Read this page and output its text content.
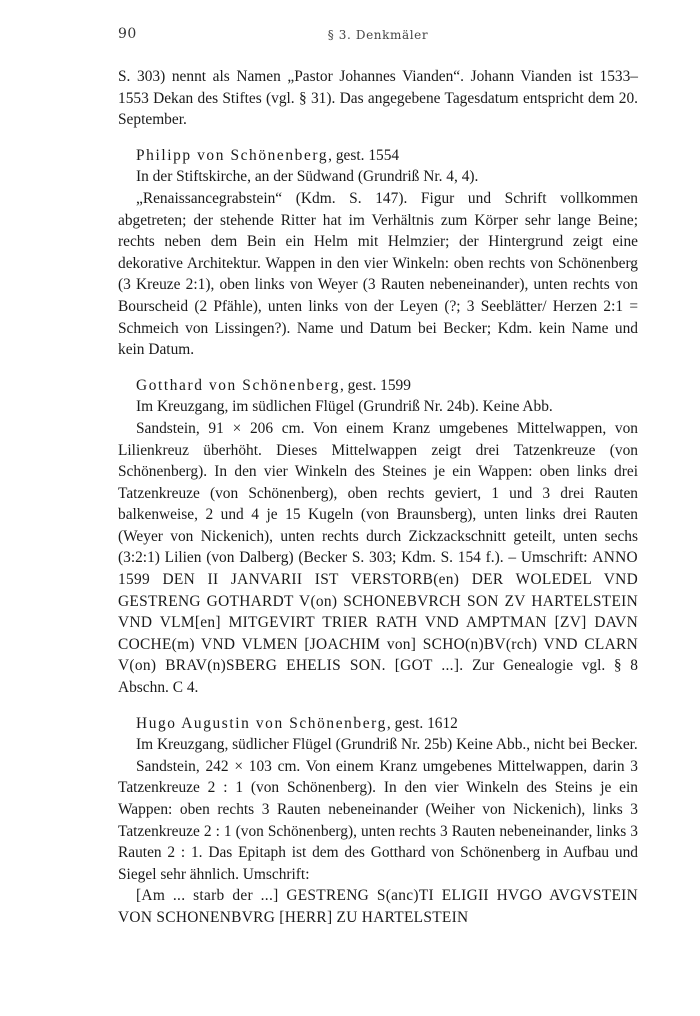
90	§ 3. Denkmäler

S. 303) nennt als Namen „Pastor Johannes Vianden“. Johann Vianden ist 1533–1553 Dekan des Stiftes (vgl. § 31). Das angegebene Tagesdatum entspricht dem 20. September.

Philipp von Schönenberg, gest. 1554

In der Stiftskirche, an der Südwand (Grundriß Nr. 4, 4).

„Renaissancegrabstein“ (Kdm. S. 147). Figur und Schrift vollkommen abgetreten; der stehende Ritter hat im Verhältnis zum Körper sehr lange Beine; rechts neben dem Bein ein Helm mit Helmzier; der Hintergrund zeigt eine dekorative Architektur. Wappen in den vier Winkeln: oben rechts von Schönenberg (3 Kreuze 2:1), oben links von Weyer (3 Rauten nebeneinander), unten rechts von Bourscheid (2 Pfähle), unten links von der Leyen (?; 3 Seeblätter/ Herzen 2:1 = Schmeich von Lissingen?). Name und Datum bei Becker; Kdm. kein Name und kein Datum.

Gotthard von Schönenberg, gest. 1599

Im Kreuzgang, im südlichen Flügel (Grundriß Nr. 24b). Keine Abb.

Sandstein, 91 × 206 cm. Von einem Kranz umgebenes Mittelwappen, von Lilienkreuz überhöht. Dieses Mittelwappen zeigt drei Tatzenkreuze (von Schönenberg). In den vier Winkeln des Steines je ein Wappen: oben links drei Tatzenkreuze (von Schönenberg), oben rechts geviert, 1 und 3 drei Rauten balkenweise, 2 und 4 je 15 Kugeln (von Braunsberg), unten links drei Rauten (Weyer von Nickenich), unten rechts durch Zickzackschnitt geteilt, unten sechs (3:2:1) Lilien (von Dalberg) (Becker S. 303; Kdm. S. 154 f.). – Umschrift: ANNO 1599 DEN II JANVARII IST VERSTORB(en) DER WOLEDEL VND GESTRENG GOTHARDT V(on) SCHONEBVRCH SON ZV HARTELSTEIN VND VLM[en] MITGEVIRT TRIER RATH VND AMPTMAN [ZV] DAVN COCHE(m) VND VLMEN [JOACHIM von] SCHO(n)BV(rch) VND CLARN V(on) BRAV(n)SBERG EHELIS SON. [GOT ...]. Zur Genealogie vgl. § 8 Abschn. C 4.

Hugo Augustin von Schönenberg, gest. 1612

Im Kreuzgang, südlicher Flügel (Grundriß Nr. 25b) Keine Abb., nicht bei Becker.

Sandstein, 242 × 103 cm. Von einem Kranz umgebenes Mittelwappen, darin 3 Tatzenkreuze 2 : 1 (von Schönenberg). In den vier Winkeln des Steins je ein Wappen: oben rechts 3 Rauten nebeneinander (Weiher von Nickenich), links 3 Tatzenkreuze 2 : 1 (von Schönenberg), unten rechts 3 Rauten nebeneinander, links 3 Rauten 2 : 1. Das Epitaph ist dem des Gotthard von Schönenberg in Aufbau und Siegel sehr ähnlich. Umschrift:

[Am ... starb der ...] GESTRENG S(anc)TI ELIGII HVGO AVGVSTEIN VON SCHONENBVRG [HERR] ZU HARTELSTEIN
